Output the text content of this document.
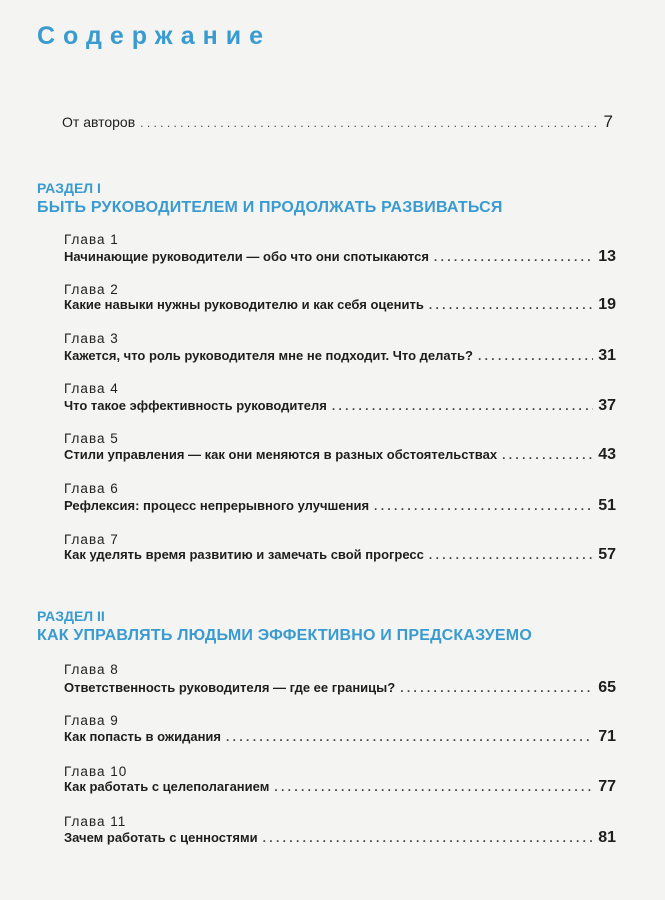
Содержание
От авторов . . .	7
РАЗДЕЛ I
БЫТЬ РУКОВОДИТЕЛЕМ И ПРОДОЛЖАТЬ РАЗВИВАТЬСЯ
Глава 1
Начинающие руководители — обо что они спотыкаются . . .	13
Глава 2
Какие навыки нужны руководителю и как себя оценить . . .	19
Глава 3
Кажется, что роль руководителя мне не подходит. Что делать? . . .	31
Глава 4
Что такое эффективность руководителя . . .	37
Глава 5
Стили управления — как они меняются в разных обстоятельствах . . .	43
Глава 6
Рефлексия: процесс непрерывного улучшения . . .	51
Глава 7
Как уделять время развитию и замечать свой прогресс . . .	57
РАЗДЕЛ II
КАК УПРАВЛЯТЬ ЛЮДЬМИ ЭФФЕКТИВНО И ПРЕДСКАЗУЕМО
Глава 8
Ответственность руководителя — где ее границы? . . .	65
Глава 9
Как попасть в ожидания . . .	71
Глава 10
Как работать с целеполаганием . . .	77
Глава 11
Зачем работать с ценностями . . .	81
